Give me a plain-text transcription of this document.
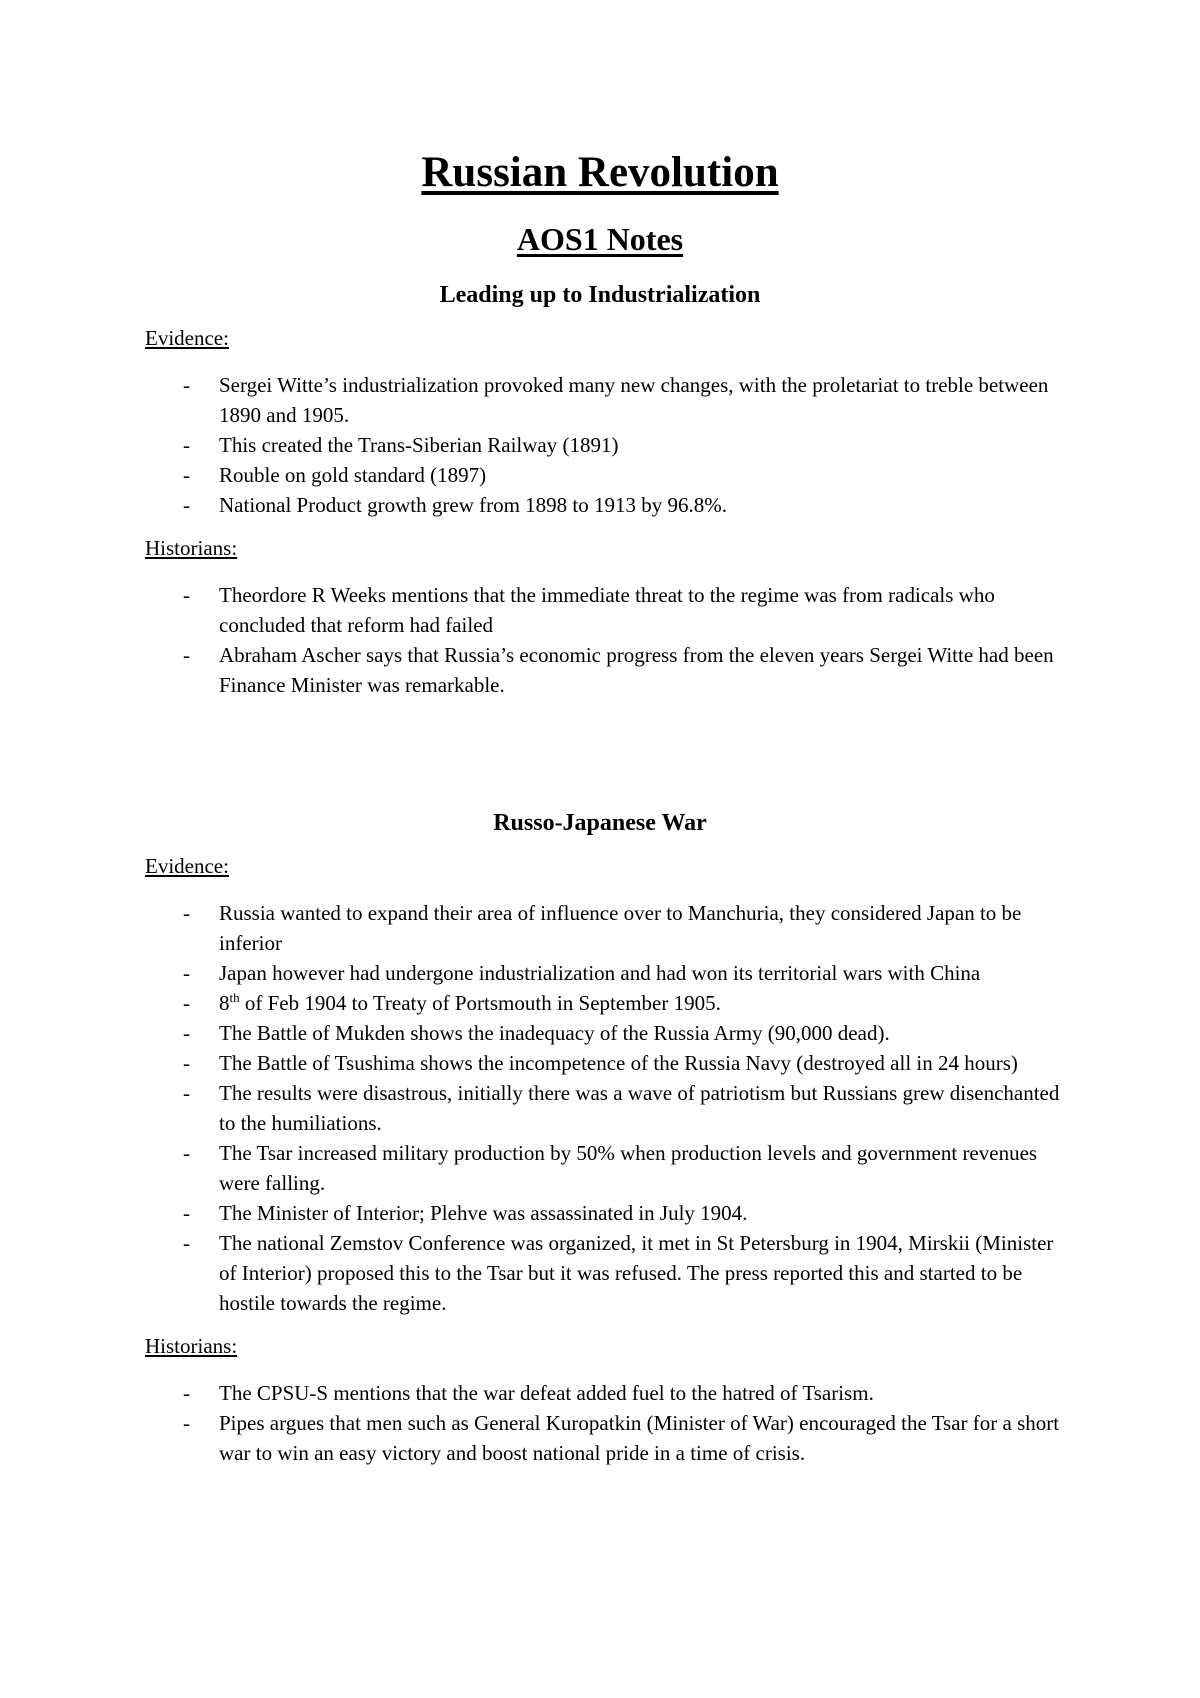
Russian Revolution
AOS1 Notes
Leading up to Industrialization
Evidence:
- Sergei Witte’s industrialization provoked many new changes, with the proletariat to treble between 1890 and 1905.
- This created the Trans-Siberian Railway (1891)
- Rouble on gold standard (1897)
- National Product growth grew from 1898 to 1913 by 96.8%.
Historians:
- Theordore R Weeks mentions that the immediate threat to the regime was from radicals who concluded that reform had failed
- Abraham Ascher says that Russia’s economic progress from the eleven years Sergei Witte had been Finance Minister was remarkable.
Russo-Japanese War
Evidence:
- Russia wanted to expand their area of influence over to Manchuria, they considered Japan to be inferior
- Japan however had undergone industrialization and had won its territorial wars with China
- 8th of Feb 1904 to Treaty of Portsmouth in September 1905.
- The Battle of Mukden shows the inadequacy of the Russia Army (90,000 dead).
- The Battle of Tsushima shows the incompetence of the Russia Navy (destroyed all in 24 hours)
- The results were disastrous, initially there was a wave of patriotism but Russians grew disenchanted to the humiliations.
- The Tsar increased military production by 50% when production levels and government revenues were falling.
- The Minister of Interior; Plehve was assassinated in July 1904.
- The national Zemstov Conference was organized, it met in St Petersburg in 1904, Mirskii (Minister of Interior) proposed this to the Tsar but it was refused. The press reported this and started to be hostile towards the regime.
Historians:
- The CPSU-S mentions that the war defeat added fuel to the hatred of Tsarism.
- Pipes argues that men such as General Kuropatkin (Minister of War) encouraged the Tsar for a short war to win an easy victory and boost national pride in a time of crisis.
